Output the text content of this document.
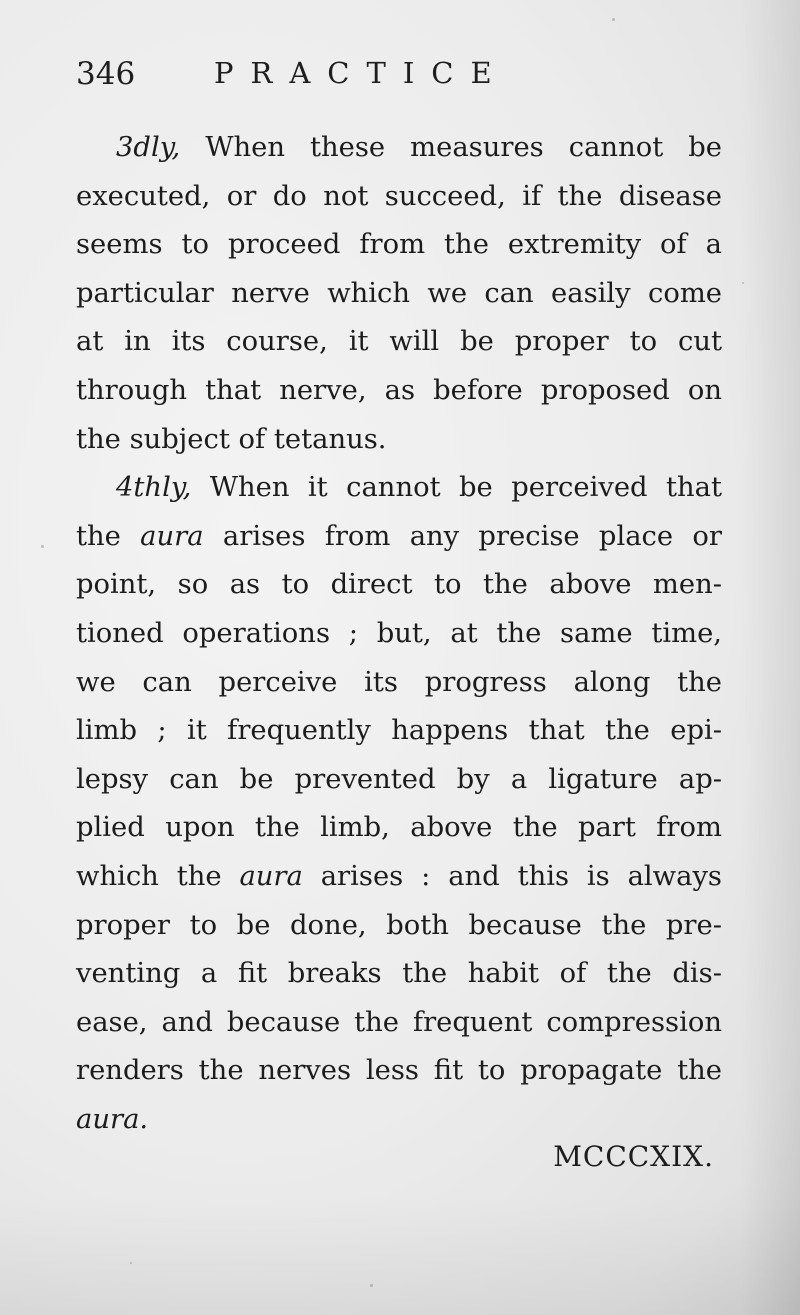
346	PRACTICE
3dly, When these measures cannot be
executed, or do not succeed, if the disease
seems to proceed from the extremity of a
particular nerve which we can easily come
at in its course, it will be proper to cut
through that nerve, as before proposed on
the subject of tetanus.
4thly, When it cannot be perceived that
the aura arises from any precise place or
point, so as to direct to the above men-
tioned operations ; but, at the same time,
we can perceive its progress along the
limb ; it frequently happens that the epi-
lepsy can be prevented by a ligature ap-
plied upon the limb, above the part from
which the aura arises : and this is always
proper to be done, both because the pre-
venting a fit breaks the habit of the dis-
ease, and because the frequent compression
renders the nerves less fit to propagate the
aura.
MCCCXIX.
